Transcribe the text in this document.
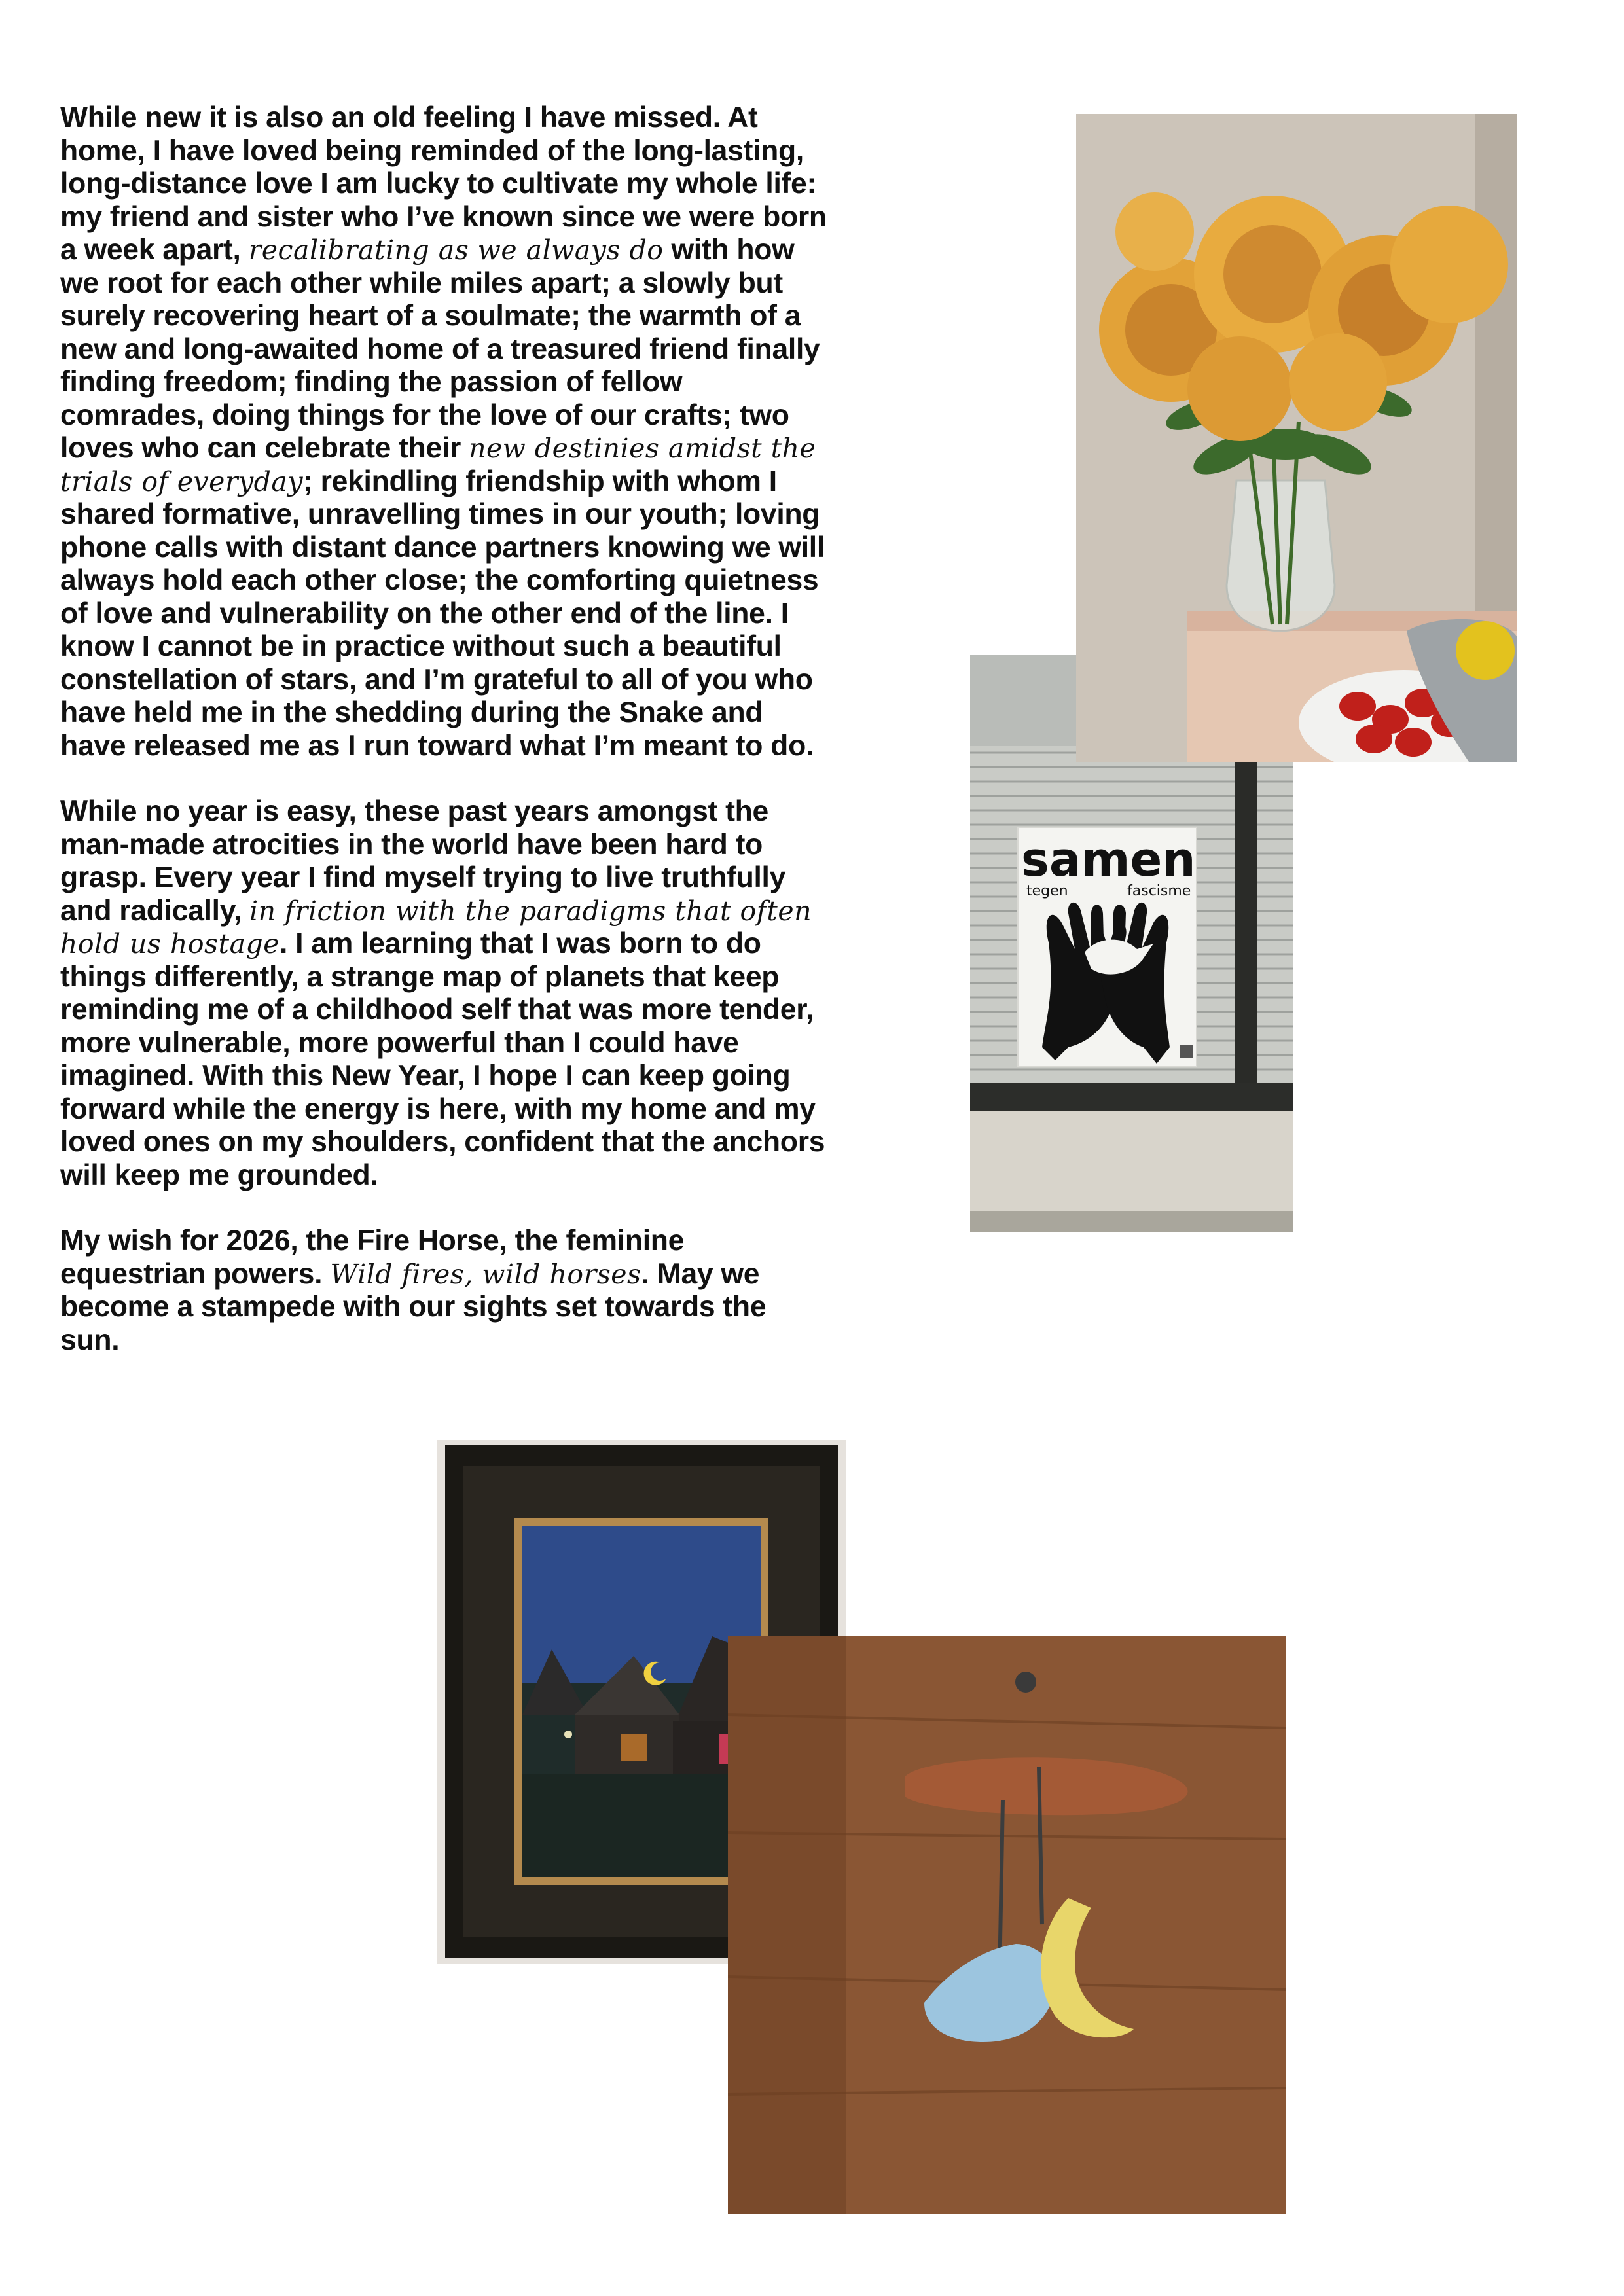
While new it is also an old feeling I have missed. At home, I have loved being reminded of the long-lasting, long-distance love I am lucky to cultivate my whole life: my friend and sister who I’ve known since we were born a week apart, recalibrating as we always do with how we root for each other while miles apart; a slowly but surely recovering heart of a soulmate; the warmth of a new and long-awaited home of a treasured friend finally finding freedom; finding the passion of fellow comrades, doing things for the love of our crafts; two loves who can celebrate their new destinies amidst the trials of everyday; rekindling friendship with whom I shared formative, unravelling times in our youth; loving phone calls with distant dance partners knowing we will always hold each other close; the comforting quietness of love and vulnerability on the other end of the line. I know I cannot be in practice without such a beautiful constellation of stars, and I’m grateful to all of you who have held me in the shedding during the Snake and have released me as I run toward what I’m meant to do.

While no year is easy, these past years amongst the man-made atrocities in the world have been hard to grasp. Every year I find myself trying to live truthfully and radically, in friction with the paradigms that often hold us hostage. I am learning that I was born to do things differently, a strange map of planets that keep reminding me of a childhood self that was more tender, more vulnerable, more powerful than I could have imagined. With this New Year, I hope I can keep going forward while the energy is here, with my home and my loved ones on my shoulders, confident that the anchors will keep me grounded.

My wish for 2026, the Fire Horse, the feminine equestrian powers. Wild fires, wild horses. May we become a stampede with our sights set towards the sun.

samen
tegen	fascisme
